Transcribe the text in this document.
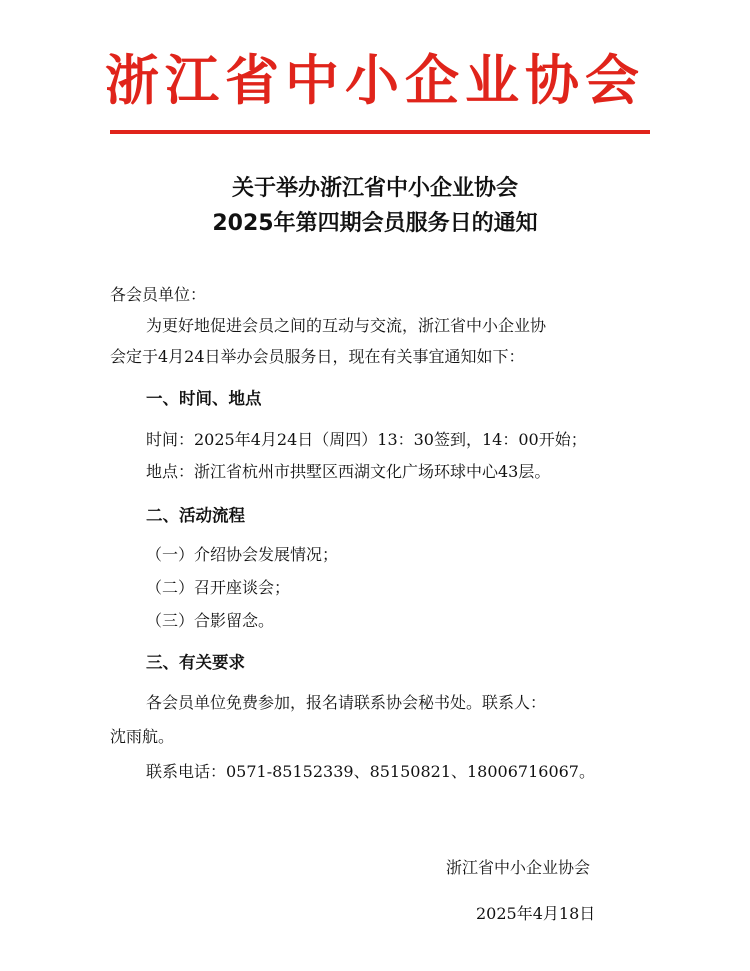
浙江省中小企业协会
关于举办浙江省中小企业协会
2025年第四期会员服务日的通知
各会员单位：
为更好地促进会员之间的互动与交流，浙江省中小企业协
会定于4月24日举办会员服务日，现在有关事宜通知如下：
一、时间、地点
时间：2025年4月24日（周四）13：30签到，14：00开始；
地点：浙江省杭州市拱墅区西湖文化广场环球中心43层。
二、活动流程
（一）介绍协会发展情况；
（二）召开座谈会；
（三）合影留念。
三、有关要求
各会员单位免费参加，报名请联系协会秘书处。联系人：
沈雨航。
联系电话：0571-85152339、85150821、18006716067。
浙江省中小企业协会
2025年4月18日
